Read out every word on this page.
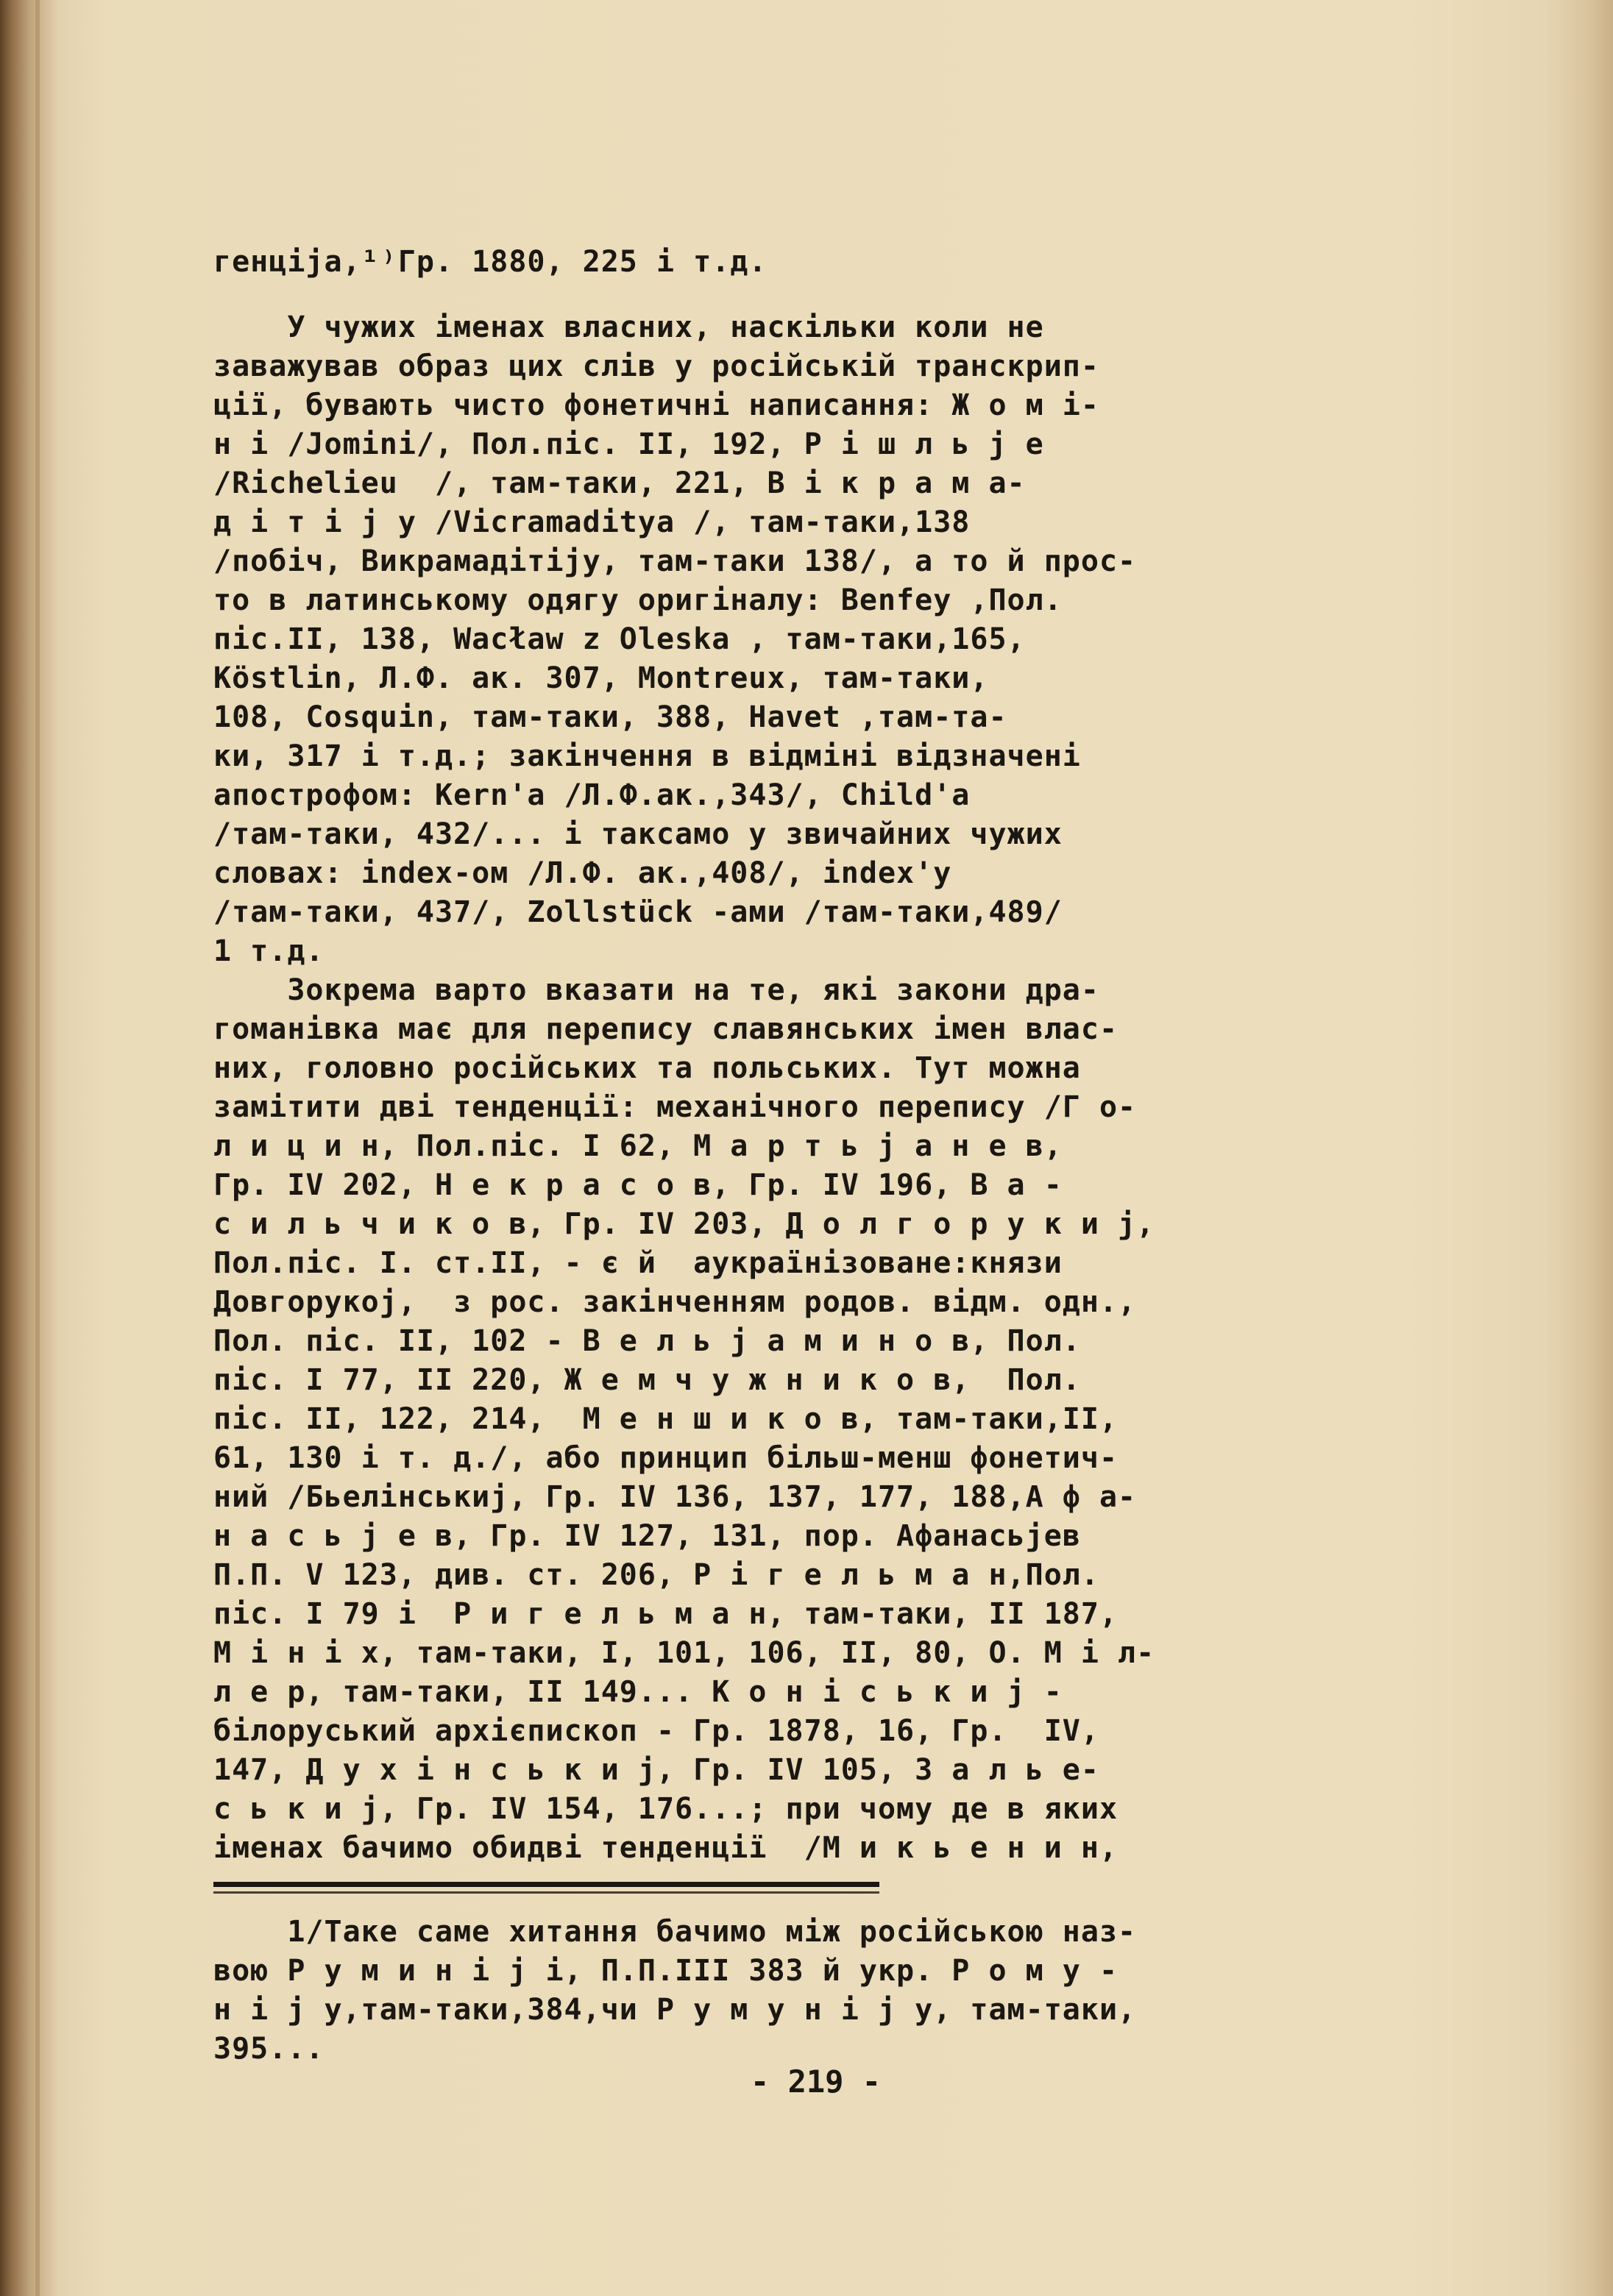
генціја,¹⁾Гр. 1880, 225 і т.д.
У чужих іменах власних, наскільки коли не
заважував образ цих слів у російській транскрип-
ції, бувають чисто фонетичні написання: Ж о м і-
н і /Jomini/, Пол.піс. II, 192, Р і ш л ь ј е
/Richelieu  /, там-таки, 221, В і к р а м а-
д і т і ј у /Vicramaditya /, там-таки,138
/побіч, Викрамадітіју, там-таки 138/, а то й прос-
то в латинському одягу оригіналу: Benfey ,Пол.
піс.II, 138, Wacław z Oleska , там-таки,165,
Köstlin, Л.Ф. ак. 307, Montreux, там-таки,
108, Cosquin, там-таки, 388, Havet ,там-та-
ки, 317 і т.д.; закінчення в відміні відзначені
апострофом: Kern'a /Л.Ф.ак.,343/, Child'a
/там-таки, 432/... і таксамо у звичайних чужих
словах: index-ом /Л.Ф. ак.,408/, index'y
/там-таки, 437/, Zollstück -ами /там-таки,489/
1 т.д.
Зокрема варто вказати на те, які закони дра-
гоманівка має для перепису славянських імен влас-
них, головно російських та польських. Тут можна
замітити дві тенденції: механічного перепису /Г о-
л и ц и н, Пол.піс. I 62, М а р т ь ј а н е в,
Гр. IV 202, Н е к р а с о в, Гр. IV 196, В а -
с и л ь ч и к о в, Гр. IV 203, Д о л г о р у к и ј,
Пол.піс. I. ст.II, - є й  аукраїнізоване:князи
Довгорукој,  з рос. закінченням родов. відм. одн.,
Пол. піс. II, 102 - В е л ь ј а м и н о в, Пол.
піс. I 77, II 220, Ж е м ч у ж н и к о в,  Пол.
піс. II, 122, 214,  М е н ш и к о в, там-таки,II,
61, 130 і т. д./, або принцип більш-менш фонетич-
ний /Бьелінськиј, Гр. IV 136, 137, 177, 188,А ф а-
н а с ь ј е в, Гр. IV 127, 131, пор. Афанасьјев
П.П. V 123, див. ст. 206, Р і г е л ь м а н,Пол.
піс. I 79 і  Р и г е л ь м а н, там-таки, II 187,
М і н і х, там-таки, I, 101, 106, II, 80, О. М і л-
л е р, там-таки, II 149... К о н і с ь к и ј -
білоруський архієпископ - Гр. 1878, 16, Гр.  IV,
147, Д у х і н с ь к и ј, Гр. IV 105, З а л ь е-
с ь к и ј, Гр. IV 154, 176...; при чому де в яких
іменах бачимо обидві тенденції  /М и к ь е н и н,
1/Таке саме хитання бачимо між російською наз-
вою Р у м и н і ј і, П.П.III 383 й укр. Р о м у -
н і ј у,там-таки,384,чи Р у м у н і ј у, там-таки,
395...
- 219 -
